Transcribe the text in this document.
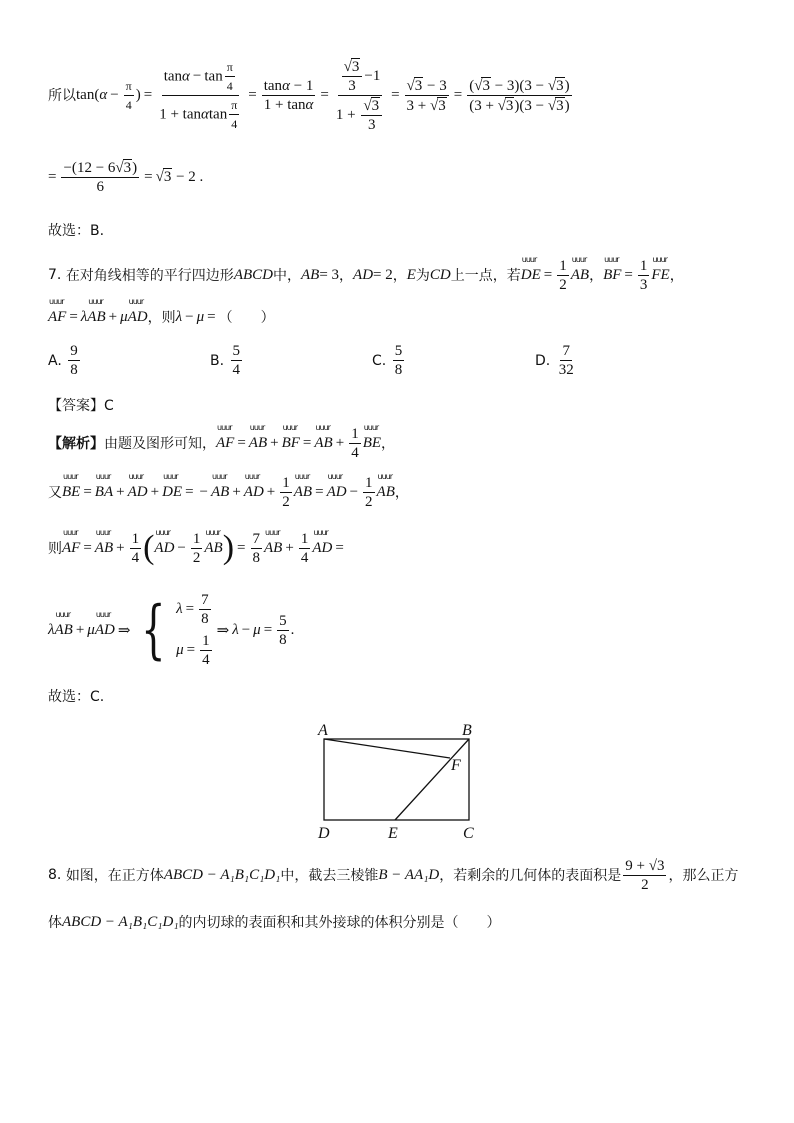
所以 tan( $\alpha - \frac{\pi}{4}$ ) = $\frac{\tan\alpha - \tan \frac{\pi}{4}}{1 + \tan\alpha\tan \frac{\pi}{4}} = \frac{\tan\alpha - 1}{1 + \tan\alpha} = \frac{\frac{√3}{3} -1}{1 + \frac{√3}{3}} = \frac{√3 - 3}{3 + √3} = \frac{(√3 - 3)(3 - √3)}{(3 + √3)(3 - √3)}$
= $\frac{-(12 - 6√3)}{6} = √3 - 2$ .
故选：B.
7.
在对角线相等的平行四边形 ABCD 中， AB = 3 ， AD = 2 ， E 为 CD 上一点，若 uuur DE = $\frac{1}{2}$ uuur AB ， uuur BF = $\frac{1}{3}$ uuur FE ，
uuur AF = λ uuur AB + μ uuur AD ，则 λ − μ = （　　）
A.
$\frac{9}{8}$	B.
$\frac{5}{4}$	C.
$\frac{5}{8}$	D.
$\frac{7}{32}$
【答案】C
【解析】 由题及图形可知， uuur AF = uuur AB + uuur BF = uuur AB + $\frac{1}{4}$ uuur BE ，
又 uuur BE = uuur BA + uuur AD + uuur DE = − uuur AB + uuur AD + $\frac{1}{2}$ uuur AB = uuur AD − $\frac{1}{2}$ uuur AB ，
则 uuur AF = uuur AB + $\frac{1}{4}$ ( uuur AD − $\frac{1}{2}$ uuur AB ) = $\frac{7}{8}$ uuur AB + $\frac{1}{4}$ uuur AD =
λ uuur AB + μ uuur AD ⇒ { $\lambda = \frac{7}{8}$
$\mu = \frac{1}{4}$
⇒ $\lambda - \mu = \frac{5}{8}$ .
故选：C.
A	B
F
D	E	C
8.
如图，在正方体 ABCD − A₁B₁C₁D₁ 中，截去三棱锥 B − AA₁D ，若剩余的几何体的表面积是 $\frac{9 + √3}{2}$ ，那么正方
体 ABCD − A₁B₁C₁D₁ 的内切球的表面积和其外接球的体积分别是（　　）
